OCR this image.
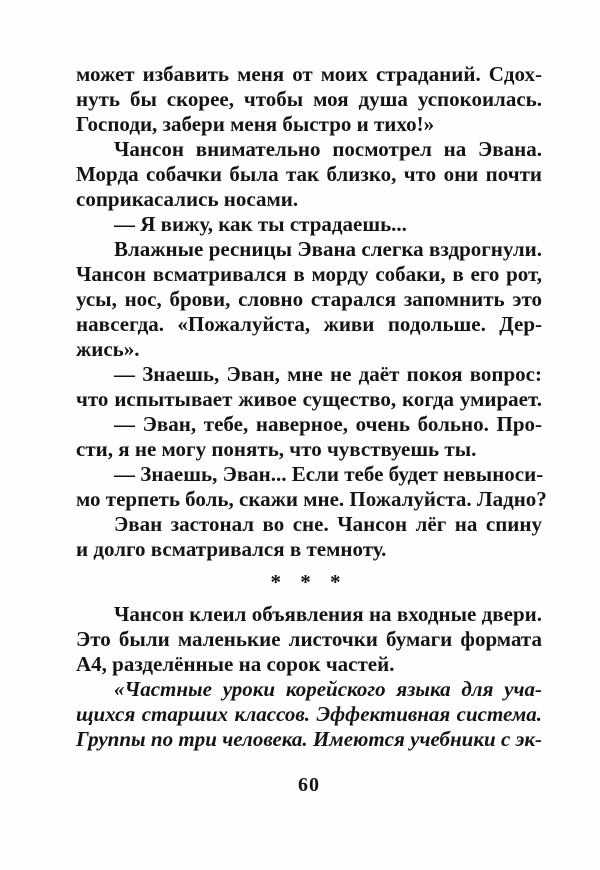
может избавить меня от моих страданий. Сдох-
нуть бы скорее, чтобы моя душа успокоилась.
Господи, забери меня быстро и тихо!»
Чансон внимательно посмотрел на Эвана.
Морда собачки была так близко, что они почти
соприкасались носами.
— Я вижу, как ты страдаешь...
Влажные ресницы Эвана слегка вздрогнули.
Чансон всматривался в морду собаки, в его рот,
усы, нос, брови, словно старался запомнить это
навсегда. «Пожалуйста, живи подольше. Дер-
жись».
— Знаешь, Эван, мне не даёт покоя вопрос:
что испытывает живое существо, когда умирает.
— Эван, тебе, наверное, очень больно. Про-
сти, я не могу понять, что чувствуешь ты.
— Знаешь, Эван... Если тебе будет невыноси-
мо терпеть боль, скажи мне. Пожалуйста. Ладно?
Эван застонал во сне. Чансон лёг на спину
и долго всматривался в темноту.
* * *
Чансон клеил объявления на входные двери.
Это были маленькие листочки бумаги формата
А4, разделённые на сорок частей.
«Частные уроки корейского языка для уча-
щихся старших классов. Эффективная система.
Группы по три человека. Имеются учебники с эк-
60
